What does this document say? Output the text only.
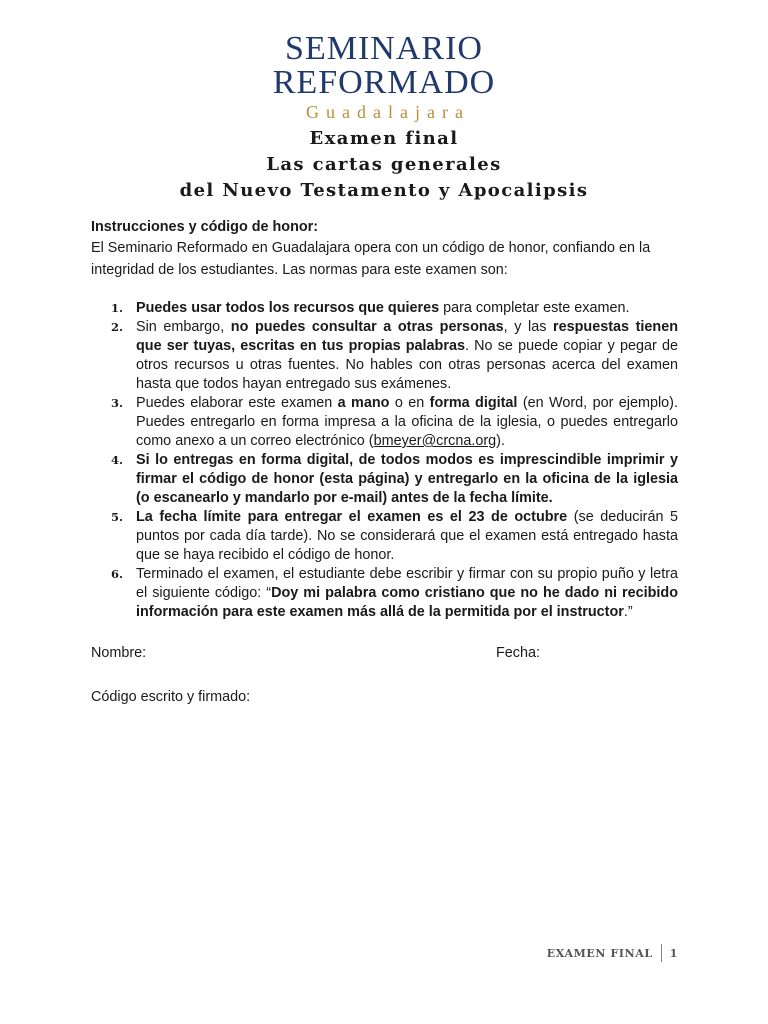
SEMINARIO
REFORMADO
Guadalajara
Examen final
Las cartas generales
del Nuevo Testamento y Apocalipsis
Instrucciones y código de honor:

El Seminario Reformado en Guadalajara opera con un código de honor, confiando en la integridad de los estudiantes. Las normas para este examen son:

1. Puedes usar todos los recursos que quieres para completar este examen.
2. Sin embargo, no puedes consultar a otras personas, y las respuestas tienen que ser tuyas, escritas en tus propias palabras. No se puede copiar y pegar de otros recursos u otras fuentes. No hables con otras personas acerca del examen hasta que todos hayan entregado sus exámenes.
3. Puedes elaborar este examen a mano o en forma digital (en Word, por ejemplo). Puedes entregarlo en forma impresa a la oficina de la iglesia, o puedes entregarlo como anexo a un correo electrónico (bmeyer@crcna.org).
4. Si lo entregas en forma digital, de todos modos es imprescindible imprimir y firmar el código de honor (esta página) y entregarlo en la oficina de la iglesia (o escanearlo y mandarlo por e-mail) antes de la fecha límite.
5. La fecha límite para entregar el examen es el 23 de octubre (se deducirán 5 puntos por cada día tarde). No se considerará que el examen está entregado hasta que se haya recibido el código de honor.
6. Terminado el examen, el estudiante debe escribir y firmar con su propio puño y letra el siguiente código: “Doy mi palabra como cristiano que no he dado ni recibido información para este examen más allá de la permitida por el instructor.”
Nombre:	Fecha:
Código escrito y firmado:
EXAMEN FINAL 1
